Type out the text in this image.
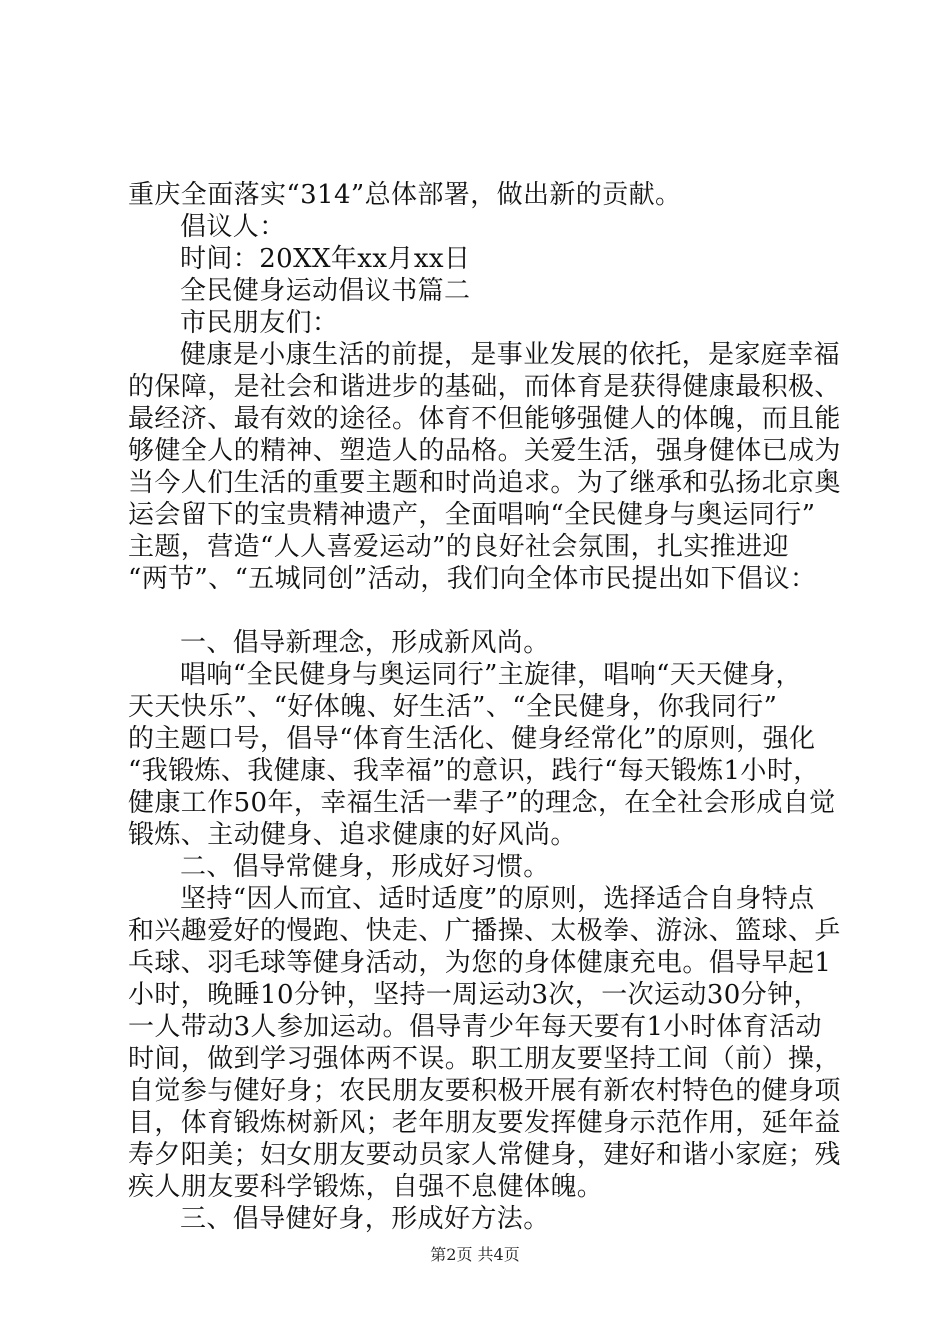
重庆全面落实“314”总体部署，做出新的贡献。
倡议人：
时间：20XX年xx月xx日
全民健身运动倡议书篇二
市民朋友们：
健康是小康生活的前提，是事业发展的依托，是家庭幸福
的保障，是社会和谐进步的基础，而体育是获得健康最积极、
最经济、最有效的途径。体育不但能够强健人的体魄，而且能
够健全人的精神、塑造人的品格。关爱生活，强身健体已成为
当今人们生活的重要主题和时尚追求。为了继承和弘扬北京奥
运会留下的宝贵精神遗产，全面唱响“全民健身与奥运同行”
主题，营造“人人喜爱运动”的良好社会氛围，扎实推进迎
“两节”、“五城同创”活动，我们向全体市民提出如下倡议：
一、倡导新理念，形成新风尚。
唱响“全民健身与奥运同行”主旋律，唱响“天天健身，
天天快乐”、“好体魄、好生活”、“全民健身，你我同行”
的主题口号，倡导“体育生活化、健身经常化”的原则，强化
“我锻炼、我健康、我幸福”的意识，践行“每天锻炼1小时，
健康工作50年，幸福生活一辈子”的理念，在全社会形成自觉
锻炼、主动健身、追求健康的好风尚。
二、倡导常健身，形成好习惯。
坚持“因人而宜、适时适度”的原则，选择适合自身特点
和兴趣爱好的慢跑、快走、广播操、太极拳、游泳、篮球、乒
乓球、羽毛球等健身活动，为您的身体健康充电。倡导早起1
小时，晚睡10分钟，坚持一周运动3次，一次运动30分钟，
一人带动3人参加运动。倡导青少年每天要有1小时体育活动
时间，做到学习强体两不误。职工朋友要坚持工间（前）操，
自觉参与健好身；农民朋友要积极开展有新农村特色的健身项
目，体育锻炼树新风；老年朋友要发挥健身示范作用，延年益
寿夕阳美；妇女朋友要动员家人常健身，建好和谐小家庭；残
疾人朋友要科学锻炼，自强不息健体魄。
三、倡导健好身，形成好方法。
第2页 共4页
